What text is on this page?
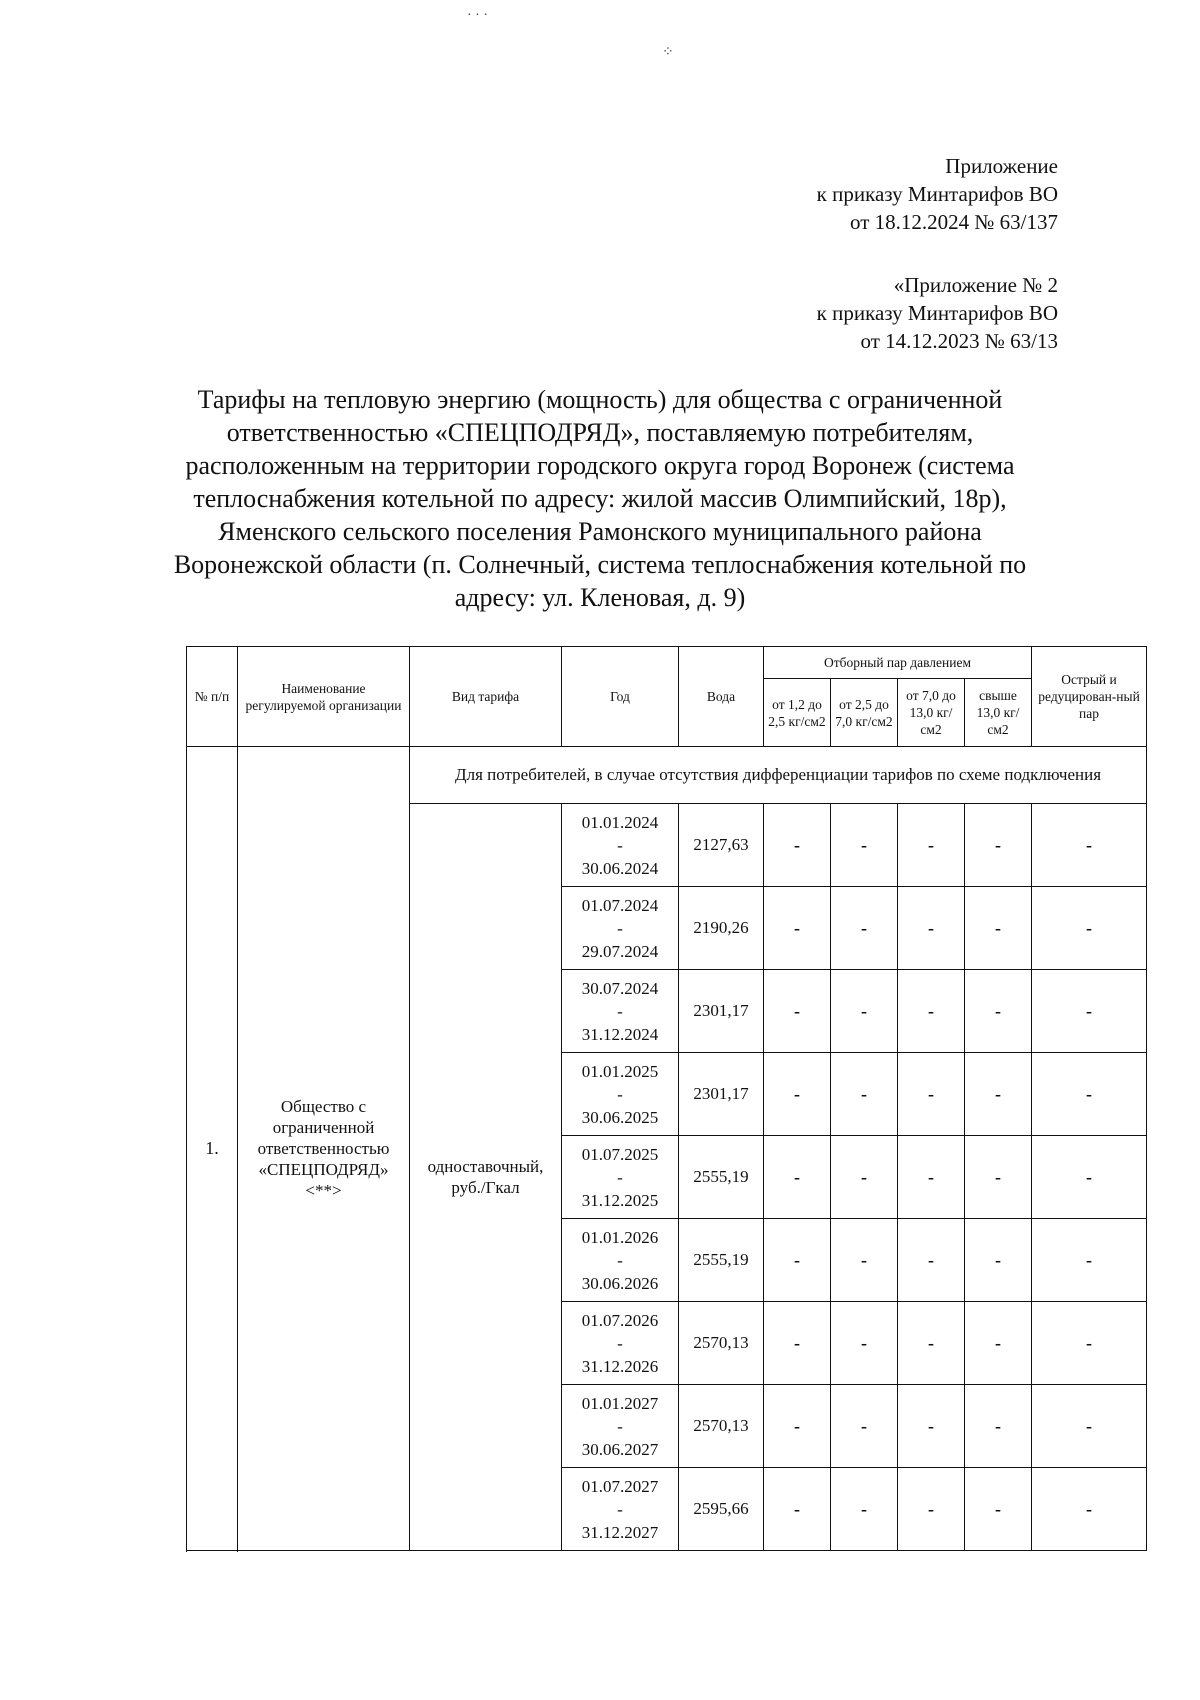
· · ·
⁘
Приложение
к приказу Минтарифов ВО
от 18.12.2024 № 63/137
«Приложение № 2
к приказу Минтарифов ВО
от 14.12.2023 № 63/13
Тарифы на тепловую энергию (мощность) для общества с ограниченной
ответственностью «СПЕЦПОДРЯД», поставляемую потребителям,
расположенным на территории городского округа город Воронеж (система
теплоснабжения котельной по адресу: жилой массив Олимпийский, 18р),
Яменского сельского поселения Рамонского муниципального района
Воронежской области (п. Солнечный, система теплоснабжения котельной по
адресу: ул. Кленовая, д. 9)
№ п/п	Наименование регулируемой организации	Вид тарифа	Год	Вода	Отборный пар давлением				Острый и редуцирован-ный пар
					от 1,2 до 2,5 кг/см2	от 2,5 до 7,0 кг/см2	от 7,0 до 13,0 кг/см2	свыше 13,0 кг/см2	
1.	Общество с ограниченной ответственностью «СПЕЦПОДРЯД» <**>	Для потребителей, в случае отсутствия дифференциации тарифов по схеме подключения							
		одноставочный, руб./Гкал	01.01.2024
-
30.06.2024	2127,63	-	-	-	-	-

			01.07.2024
-
29.07.2024	2190,26	-	-	-	-	-

			30.07.2024
-
31.12.2024	2301,17	-	-	-	-	-

			01.01.2025
-
30.06.2025	2301,17	-	-	-	-	-

			01.07.2025
-
31.12.2025	2555,19	-	-	-	-	-

			01.01.2026
-
30.06.2026	2555,19	-	-	-	-	-

			01.07.2026
-
31.12.2026	2570,13	-	-	-	-	-

			01.01.2027
-
30.06.2027	2570,13	-	-	-	-	-

			01.07.2027
-
31.12.2027	2595,66	-	-	-	-	-
